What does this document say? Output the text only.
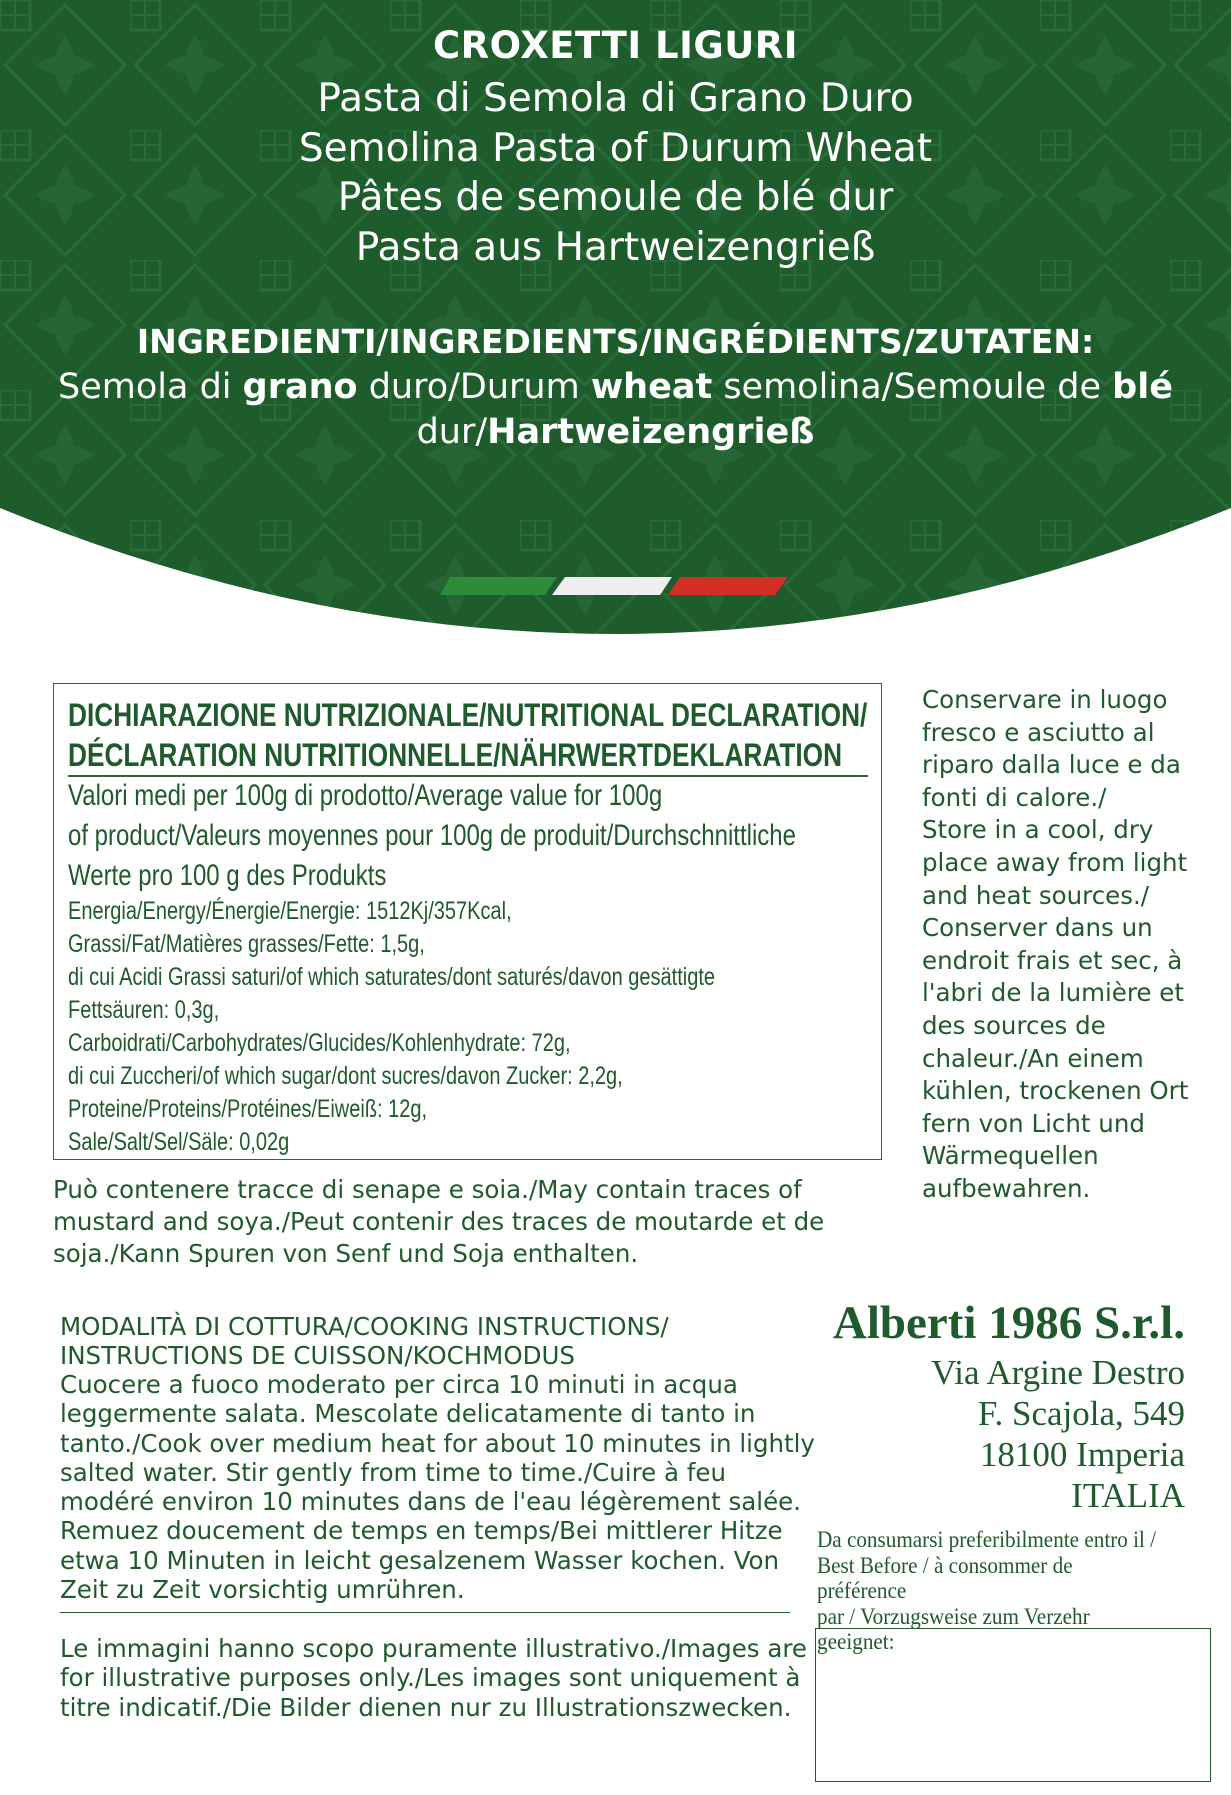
CROXETTI LIGURI
Pasta di Semola di Grano Duro
Semolina Pasta of Durum Wheat
Pâtes de semoule de blé dur
Pasta aus Hartweizengrieß
INGREDIENTI/INGREDIENTS/INGRÉDIENTS/ZUTATEN:
Semola di grano duro/Durum wheat semolina/Semoule de blé
dur/Hartweizengrieß
DICHIARAZIONE NUTRIZIONALE/NUTRITIONAL DECLARATION/
DÉCLARATION NUTRITIONNELLE/NÄHRWERTDEKLARATION
Valori medi per 100g di prodotto/Average value for 100g
of product/Valeurs moyennes pour 100g de produit/Durchschnittliche
Werte pro 100 g des Produkts
Energia/Energy/Énergie/Energie: 1512Kj/357Kcal,
Grassi/Fat/Matières grasses/Fette: 1,5g,
di cui Acidi Grassi saturi/of which saturates/dont saturés/davon gesättigte
Fettsäuren: 0,3g,
Carboidrati/Carbohydrates/Glucides/Kohlenhydrate: 72g,
di cui Zuccheri/of which sugar/dont sucres/davon Zucker: 2,2g,
Proteine/Proteins/Protéines/Eiweiß: 12g,
Sale/Salt/Sel/Säle: 0,02g
Conservare in luogo
fresco e asciutto al
riparo dalla luce e da
fonti di calore./
Store in a cool, dry
place away from light
and heat sources./
Conserver dans un
endroit frais et sec, à
l'abri de la lumière et
des sources de
chaleur./An einem
kühlen, trockenen Ort
fern von Licht und
Wärmequellen
aufbewahren.
Può contenere tracce di senape e soia./May contain traces of
mustard and soya./Peut contenir des traces de moutarde et de
soja./Kann Spuren von Senf und Soja enthalten.
MODALITÀ DI COTTURA/COOKING INSTRUCTIONS/
INSTRUCTIONS DE CUISSON/KOCHMODUS
Cuocere a fuoco moderato per circa 10 minuti in acqua
leggermente salata. Mescolate delicatamente di tanto in
tanto./Cook over medium heat for about 10 minutes in lightly
salted water. Stir gently from time to time./Cuire à feu
modéré environ 10 minutes dans de l'eau légèrement salée.
Remuez doucement de temps en temps/Bei mittlerer Hitze
etwa 10 Minuten in leicht gesalzenem Wasser kochen. Von
Zeit zu Zeit vorsichtig umrühren.
Le immagini hanno scopo puramente illustrativo./Images are
for illustrative purposes only./Les images sont uniquement à
titre indicatif./Die Bilder dienen nur zu Illustrationszwecken.
Alberti 1986 S.r.l.
Via Argine Destro
F. Scajola, 549
18100 Imperia
ITALIA
Da consumarsi preferibilmente entro il /
Best Before / à consommer de préférence
par / Vorzugsweise zum Verzehr geeignet:
